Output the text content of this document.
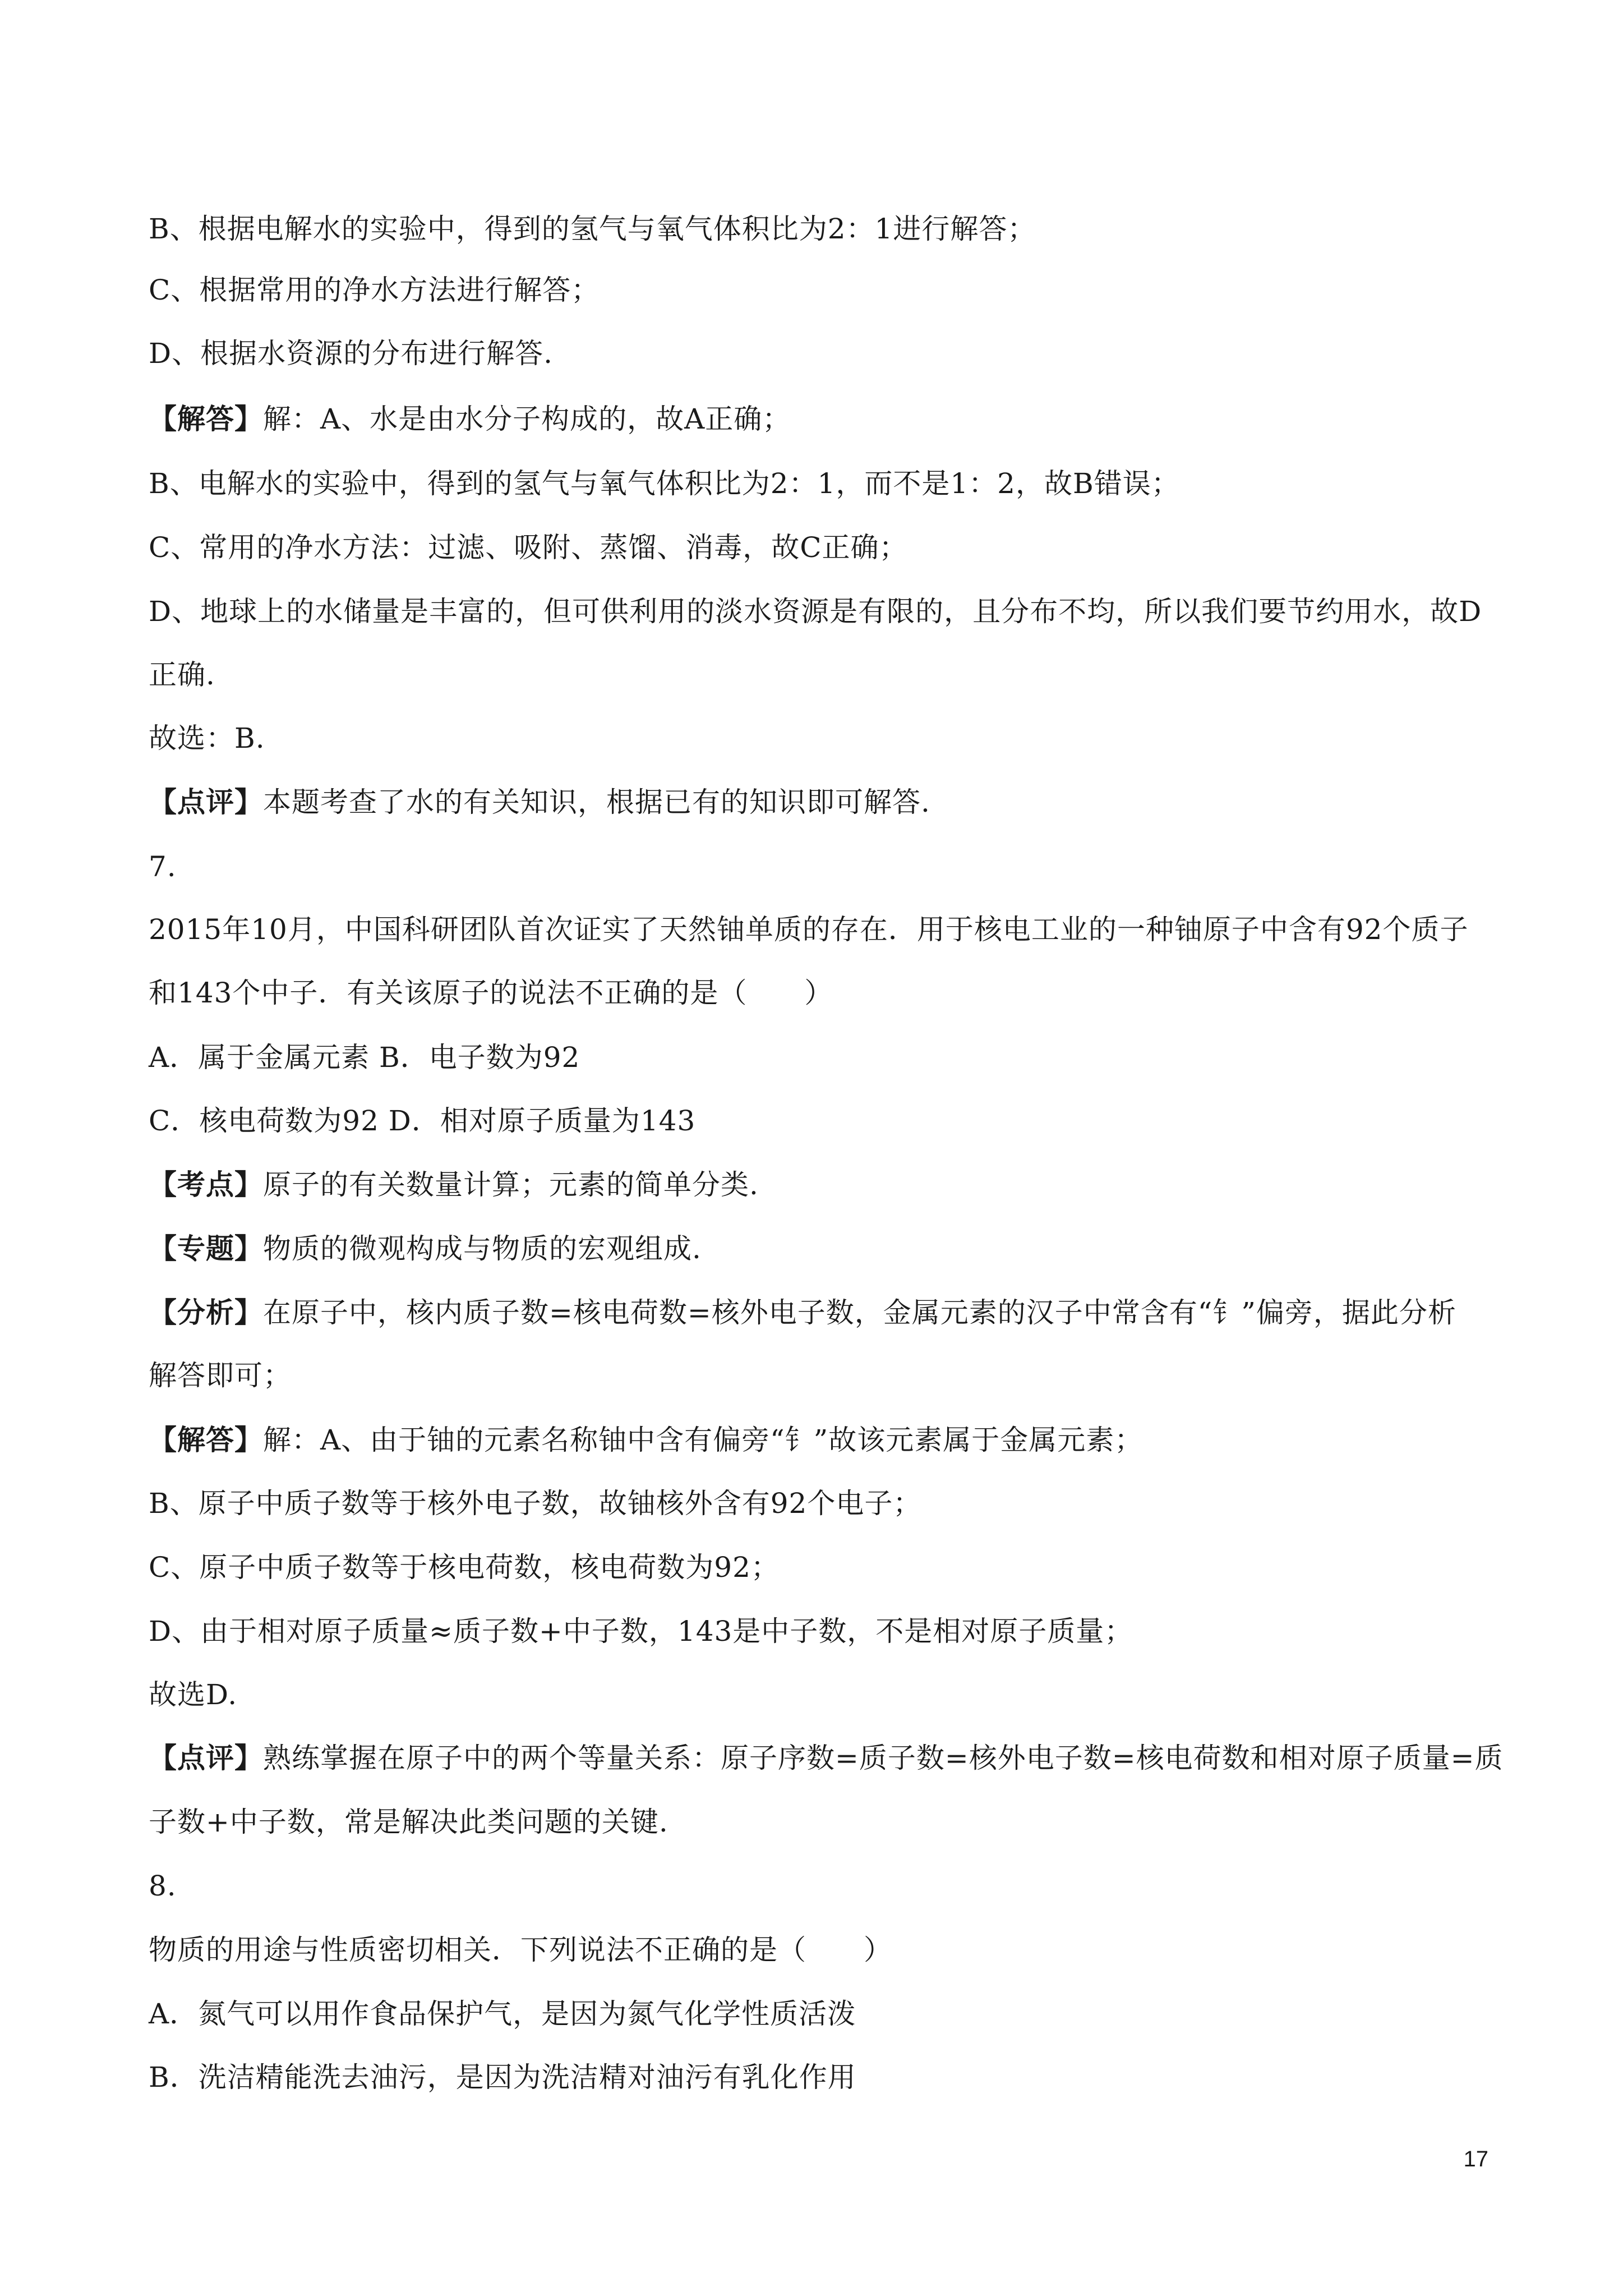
B、根据电解水的实验中，得到的氢气与氧气体积比为2：1进行解答；
C、根据常用的净水方法进行解答；
D、根据水资源的分布进行解答.
【解答】解：A、水是由水分子构成的，故A正确；
B、电解水的实验中，得到的氢气与氧气体积比为2：1，而不是1：2，故B错误；
C、常用的净水方法：过滤、吸附、蒸馏、消毒，故C正确；
D、地球上的水储量是丰富的，但可供利用的淡水资源是有限的，且分布不均，所以我们要节约用水，故D
正确.
故选：B.
【点评】本题考查了水的有关知识，根据已有的知识即可解答.
7.
2015年10月，中国科研团队首次证实了天然铀单质的存在．用于核电工业的一种铀原子中含有92个质子
和143个中子．有关该原子的说法不正确的是（　　）
A．属于金属元素 B．电子数为92
C．核电荷数为92 D．相对原子质量为143
【考点】原子的有关数量计算；元素的简单分类.
【专题】物质的微观构成与物质的宏观组成.
【分析】在原子中，核内质子数=核电荷数=核外电子数，金属元素的汉子中常含有“钅”偏旁，据此分析
解答即可；
【解答】解：A、由于铀的元素名称铀中含有偏旁“钅”故该元素属于金属元素；
B、原子中质子数等于核外电子数，故铀核外含有92个电子；
C、原子中质子数等于核电荷数，核电荷数为92；
D、由于相对原子质量≈质子数+中子数，143是中子数，不是相对原子质量；
故选D.
【点评】熟练掌握在原子中的两个等量关系：原子序数=质子数=核外电子数=核电荷数和相对原子质量=质
子数+中子数，常是解决此类问题的关键.
8.
物质的用途与性质密切相关．下列说法不正确的是（　　）
A．氮气可以用作食品保护气，是因为氮气化学性质活泼
B．洗洁精能洗去油污，是因为洗洁精对油污有乳化作用
17
